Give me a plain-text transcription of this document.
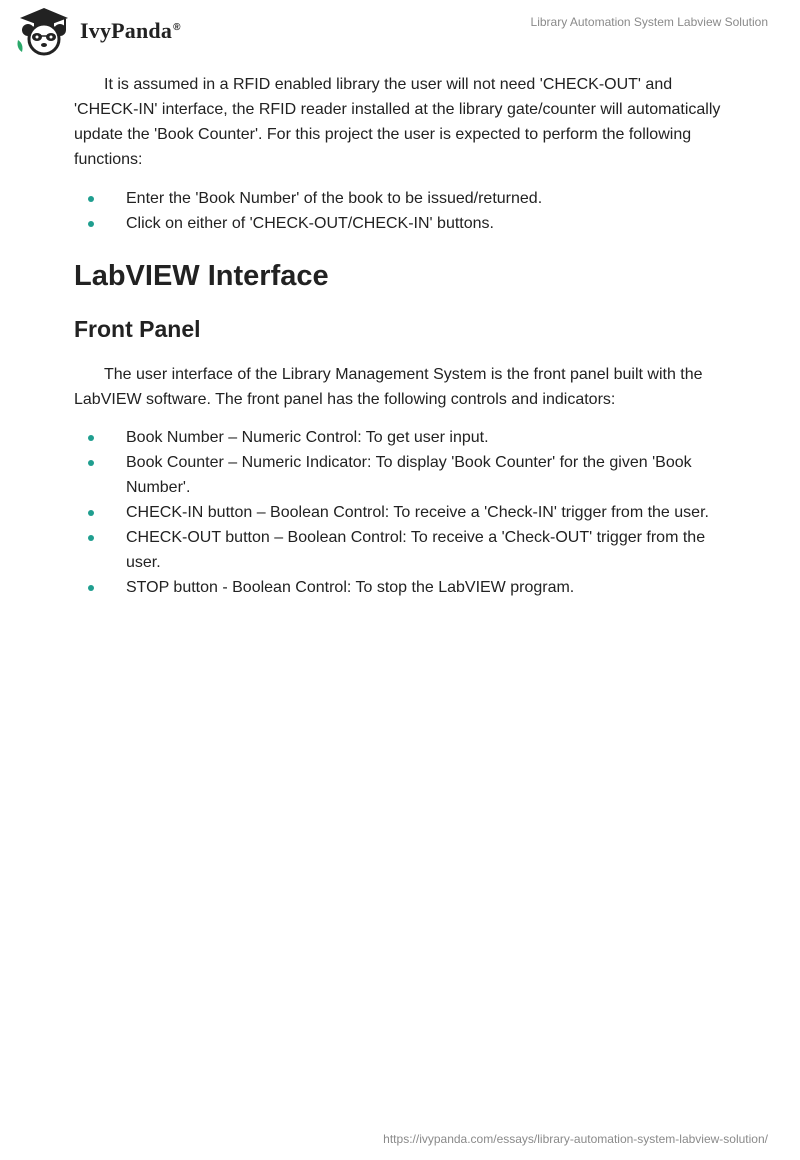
IvyPanda®	Library Automation System Labview Solution

It is assumed in a RFID enabled library the user will not need 'CHECK-OUT' and 'CHECK-IN' interface, the RFID reader installed at the library gate/counter will automatically update the 'Book Counter'. For this project the user is expected to perform the following functions:

Enter the 'Book Number' of the book to be issued/returned.
Click on either of 'CHECK-OUT/CHECK-IN' buttons.
LabVIEW Interface
Front Panel

The user interface of the Library Management System is the front panel built with the LabVIEW software. The front panel has the following controls and indicators:

Book Number – Numeric Control: To get user input.
Book Counter – Numeric Indicator: To display 'Book Counter' for the given 'Book Number'.
CHECK-IN button – Boolean Control: To receive a 'Check-IN' trigger from the user.
CHECK-OUT button – Boolean Control: To receive a 'Check-OUT' trigger from the user.
STOP button - Boolean Control: To stop the LabVIEW program.
https://ivypanda.com/essays/library-automation-system-labview-solution/
